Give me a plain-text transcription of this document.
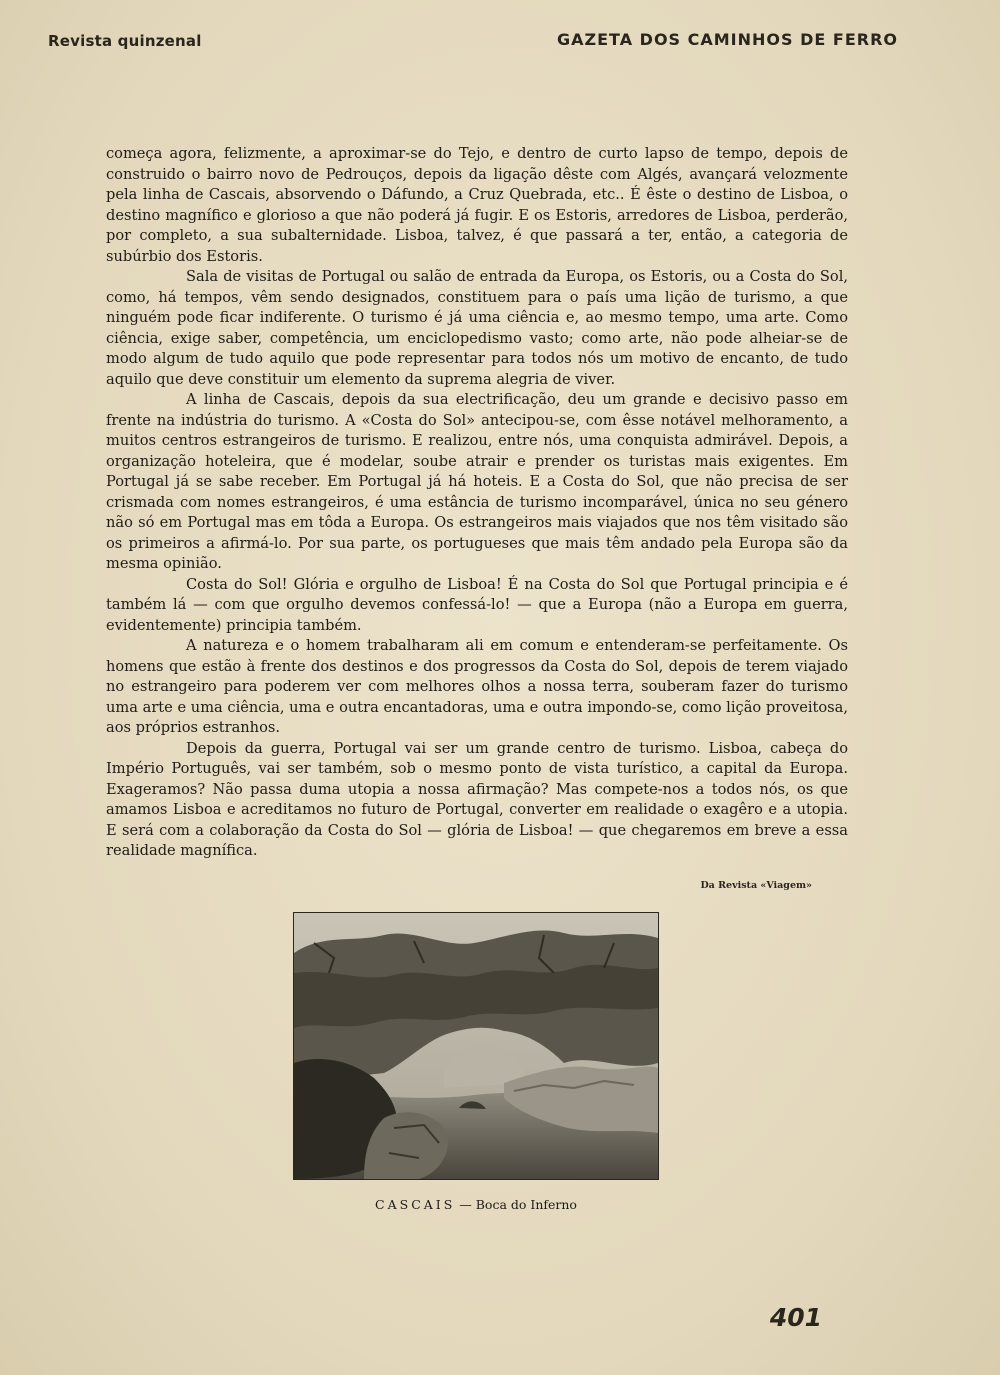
Revista quinzenal	GAZETA DOS CAMINHOS DE FERRO

começa agora, felizmente, a aproximar-se do Tejo, e dentro de curto lapso de tempo, depois de construido o bairro novo de Pedrouços, depois da ligação dêste com Algés, avançará velozmente pela linha de Cascais, absorvendo o Dáfundo, a Cruz Quebrada, etc.. É êste o destino de Lisboa, o destino magnífico e glorioso a que não poderá já fugir. E os Estoris, arredores de Lisboa, perderão, por completo, a sua subalternidade. Lisboa, talvez, é que passará a ter, então, a categoria de subúrbio dos Estoris.

Sala de visitas de Portugal ou salão de entrada da Europa, os Estoris, ou a Costa do Sol, como, há tempos, vêm sendo designados, constituem para o país uma lição de turismo, a que ninguém pode ficar indiferente. O turismo é já uma ciência e, ao mesmo tempo, uma arte. Como ciência, exige saber, competência, um enciclopedismo vasto; como arte, não pode alheiar-se de modo algum de tudo aquilo que pode representar para todos nós um motivo de encanto, de tudo aquilo que deve constituir um elemento da suprema alegria de viver.

A linha de Cascais, depois da sua electrificação, deu um grande e decisivo passo em frente na indústria do turismo. A «Costa do Sol» antecipou-se, com êsse notável melhoramento, a muitos centros estrangeiros de turismo. E realizou, entre nós, uma conquista admirável. Depois, a organização hoteleira, que é modelar, soube atrair e prender os turistas mais exigentes. Em Portugal já se sabe receber. Em Portugal já há hoteis. E a Costa do Sol, que não precisa de ser crismada com nomes estrangeiros, é uma estância de turismo incomparável, única no seu género não só em Portugal mas em tôda a Europa. Os estrangeiros mais viajados que nos têm visitado são os primeiros a afirmá-lo. Por sua parte, os portugueses que mais têm andado pela Europa são da mesma opinião.

Costa do Sol! Glória e orgulho de Lisboa! É na Costa do Sol que Portugal principia e é também lá — com que orgulho devemos confessá-lo! — que a Europa (não a Europa em guerra, evidentemente) principia também.

A natureza e o homem trabalharam ali em comum e entenderam-se perfeitamente. Os homens que estão à frente dos destinos e dos progressos da Costa do Sol, depois de terem viajado no estrangeiro para poderem ver com melhores olhos a nossa terra, souberam fazer do turismo uma arte e uma ciência, uma e outra encantadoras, uma e outra impondo-se, como lição proveitosa, aos próprios estranhos.

Depois da guerra, Portugal vai ser um grande centro de turismo. Lisboa, cabeça do Império Português, vai ser também, sob o mesmo ponto de vista turístico, a capital da Europa. Exageramos? Não passa duma utopia a nossa afirmação? Mas compete-nos a todos nós, os que amamos Lisboa e acreditamos no futuro de Portugal, converter em realidade o exagêro e a utopia. E será com a colaboração da Costa do Sol — glória de Lisboa! — que chegaremos em breve a essa realidade magnífica.

Da Revista «Viagem»
CASCAIS — Boca do Inferno
401
